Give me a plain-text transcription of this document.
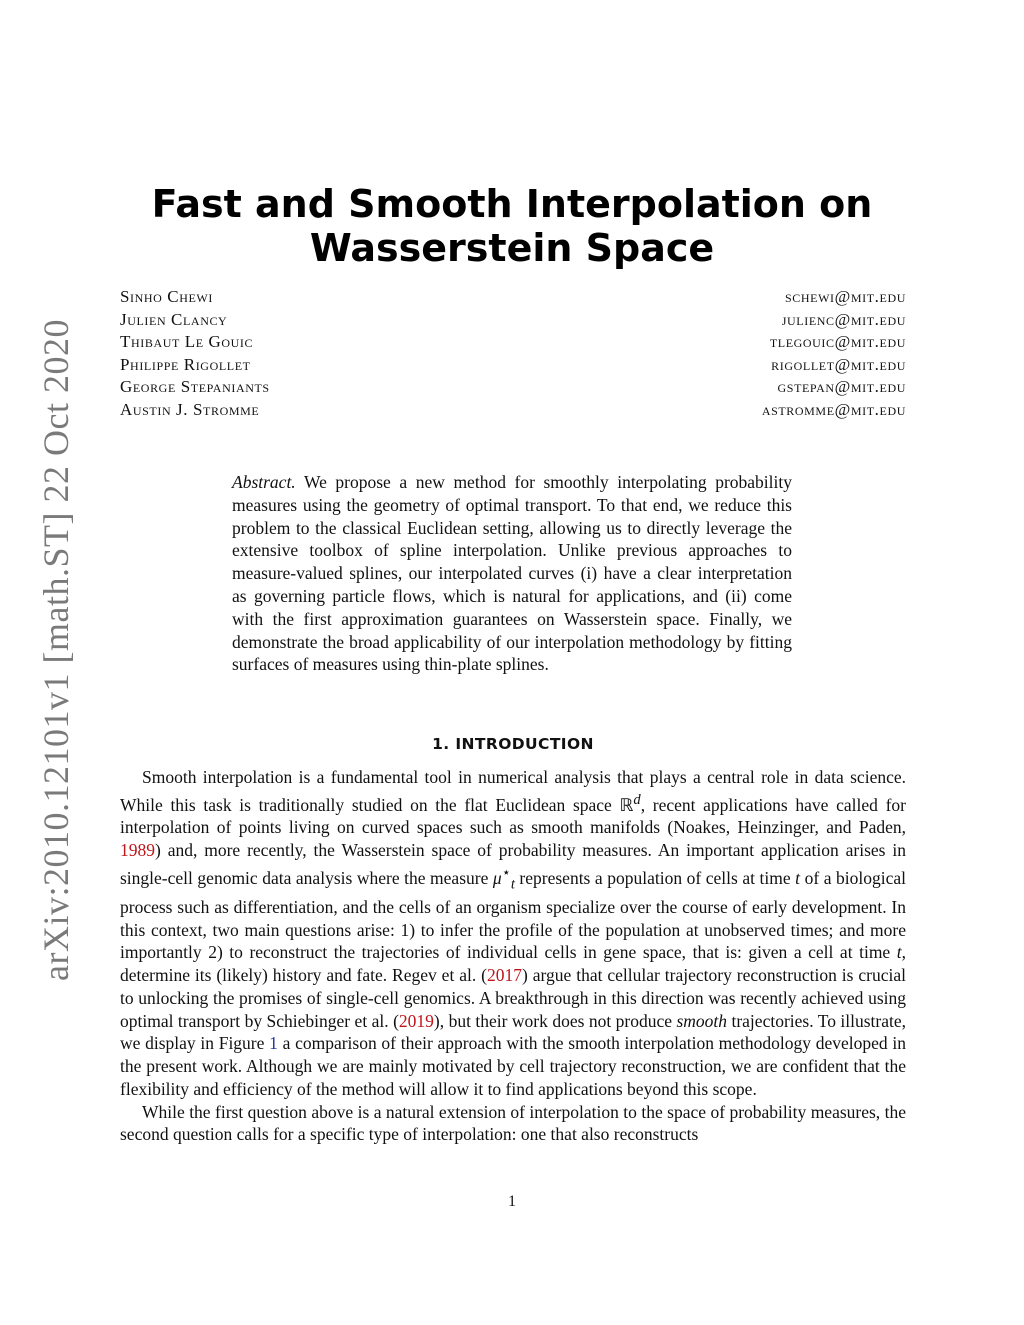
arXiv:2010.12101v1 [math.ST] 22 Oct 2020
Fast and Smooth Interpolation on
Wasserstein Space
Sinho Chewi	schewi@mit.edu
Julien Clancy	julienc@mit.edu
Thibaut Le Gouic	tlegouic@mit.edu
Philippe Rigollet	rigollet@mit.edu
George Stepaniants	gstepan@mit.edu
Austin J. Stromme	astromme@mit.edu
Abstract. We propose a new method for smoothly interpolating probability measures using the geometry of optimal transport. To that end, we reduce this problem to the classical Euclidean setting, allowing us to directly leverage the extensive toolbox of spline interpolation. Unlike previous approaches to measure-valued splines, our interpolated curves (i) have a clear interpretation as governing particle flows, which is natural for applications, and (ii) come with the first approximation guarantees on Wasserstein space. Finally, we demonstrate the broad applicability of our interpolation methodology by fitting surfaces of measures using thin-plate splines.
1. INTRODUCTION

Smooth interpolation is a fundamental tool in numerical analysis that plays a central role in data science. While this task is traditionally studied on the flat Euclidean space ℝ$^d$, recent applications have called for interpolation of points living on curved spaces such as smooth manifolds (Noakes, Heinzinger, and Paden, 1989) and, more recently, the Wasserstein space of probability measures. An important application arises in single-cell genomic data analysis where the measure $\mu^⋆_t$ represents a population of cells at time t of a biological process such as differentiation, and the cells of an organism specialize over the course of early development. In this context, two main questions arise: 1) to infer the profile of the population at unobserved times; and more importantly 2) to reconstruct the trajectories of individual cells in gene space, that is: given a cell at time t, determine its (likely) history and fate. Regev et al. (2017) argue that cellular trajectory reconstruction is crucial to unlocking the promises of single-cell genomics. A breakthrough in this direction was recently achieved using optimal transport by Schiebinger et al. (2019), but their work does not produce smooth trajectories. To illustrate, we display in Figure 1 a comparison of their approach with the smooth interpolation methodology developed in the present work. Although we are mainly motivated by cell trajectory reconstruction, we are confident that the flexibility and efficiency of the method will allow it to find applications beyond this scope.

While the first question above is a natural extension of interpolation to the space of probability measures, the second question calls for a specific type of interpolation: one that also reconstructs

1
